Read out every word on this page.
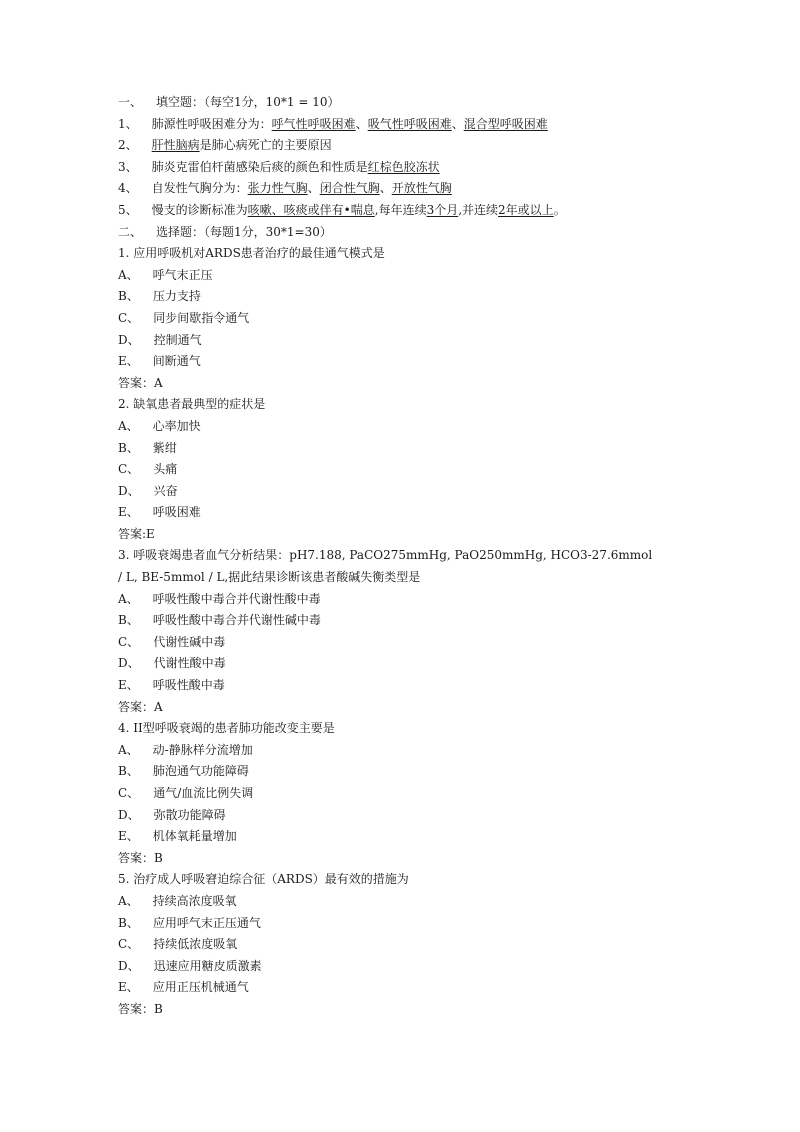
一、 填空题：（每空1分，10*1 = 10）
1、 肺源性呼吸困难分为：呼气性呼吸困难、吸气性呼吸困难、混合型呼吸困难
2、 肝性脑病是肺心病死亡的主要原因
3、 肺炎克雷伯杆菌感染后痰的颜色和性质是红棕色胶冻状
4、 自发性气胸分为：张力性气胸、闭合性气胸、开放性气胸
5、 慢支的诊断标准为咳嗽、咳痰或伴有•喘息,每年连续3个月,并连续2年或以上。
二、 选择题：（每题1分，30*1=30）
1. 应用呼吸机对ARDS患者治疗的最佳通气模式是
A、 呼气末正压
B、 压力支持
C、 同步间歇指令通气
D、 控制通气
E、 间断通气
答案：A
2. 缺氧患者最典型的症状是
A、 心率加快
B、 紫绀
C、 头痛
D、 兴奋
E、 呼吸困难
答案:E
3. 呼吸衰竭患者血气分析结果：pH7.188, PaCO275mmHg, PaO250mmHg, HCO3-27.6mmol
/ L, BE-5mmol / L,据此结果诊断该患者酸碱失衡类型是
A、 呼吸性酸中毒合并代谢性酸中毒
B、 呼吸性酸中毒合并代谢性碱中毒
C、 代谢性碱中毒
D、 代谢性酸中毒
E、 呼吸性酸中毒
答案：A
4. II型呼吸衰竭的患者肺功能改变主要是
A、 动-静脉样分流增加
B、 肺泡通气功能障碍
C、 通气/血流比例失调
D、 弥散功能障碍
E、 机体氧耗量增加
答案：B
5. 治疗成人呼吸窘迫综合征（ARDS）最有效的措施为
A、 持续高浓度吸氧
B、 应用呼气末正压通气
C、 持续低浓度吸氧
D、 迅速应用糖皮质激素
E、 应用正压机械通气
答案：B
